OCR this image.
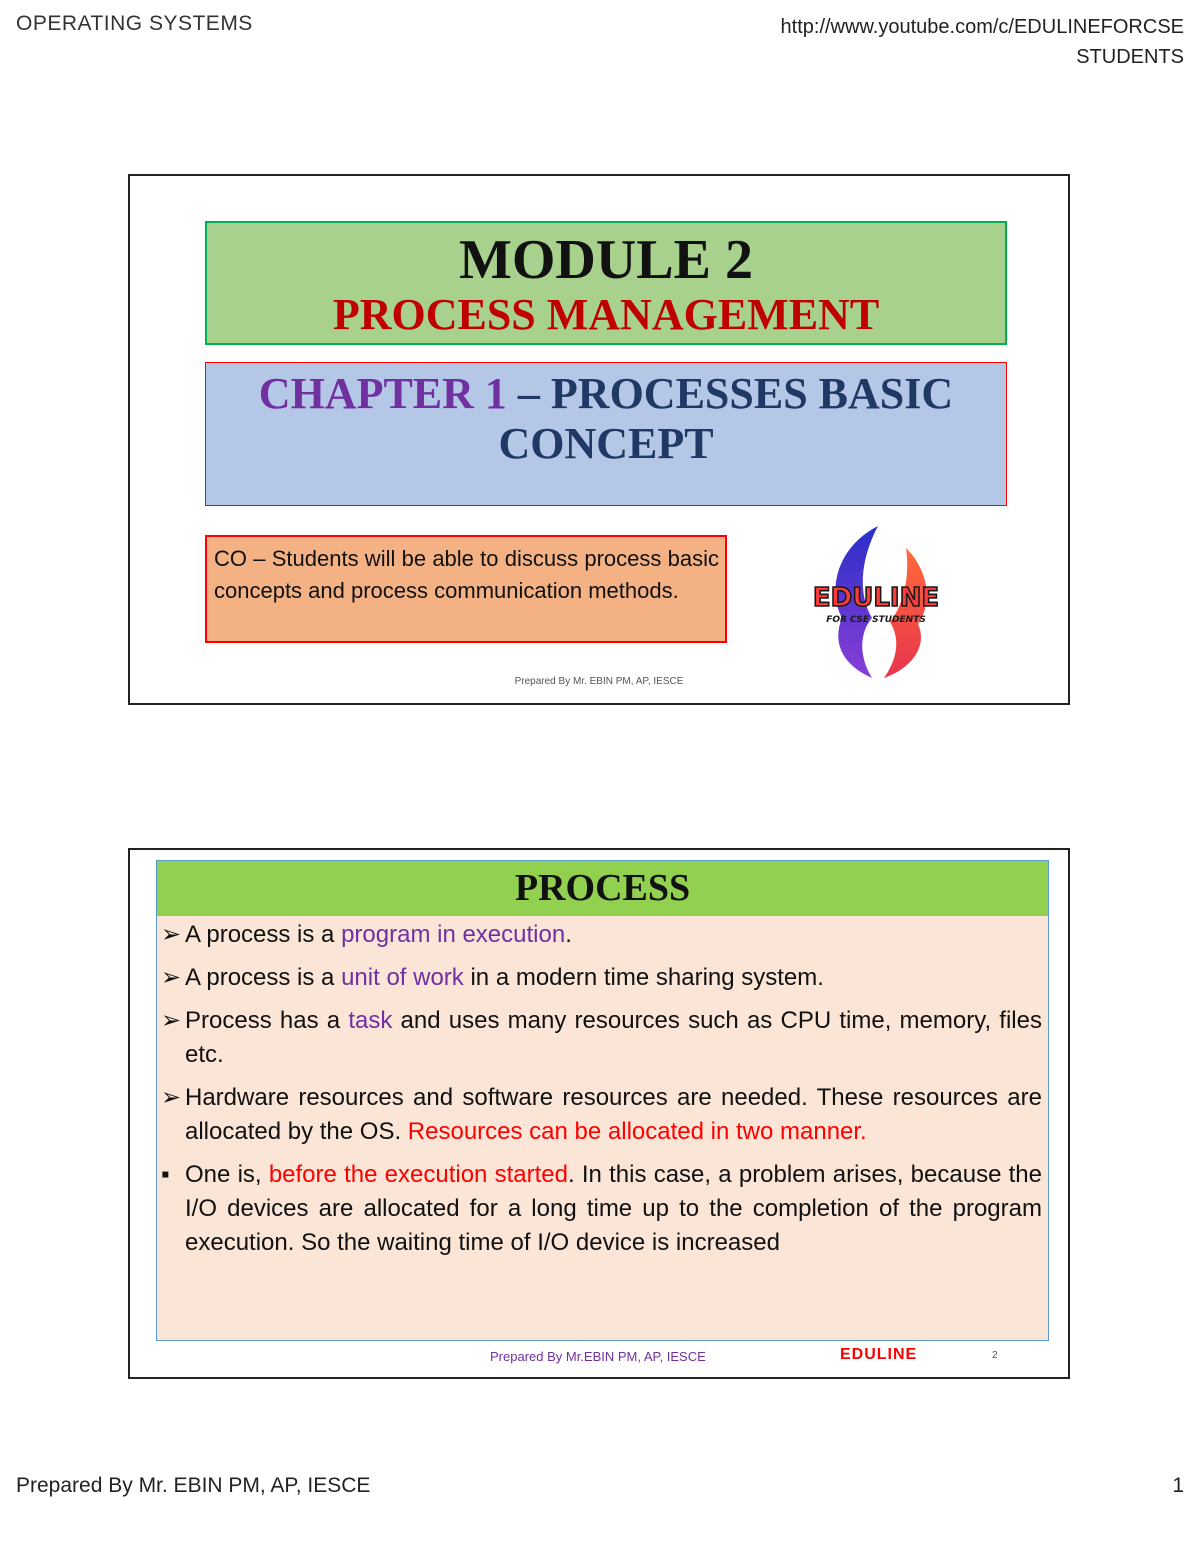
OPERATING SYSTEMS	http://www.youtube.com/c/EDULINEFORCSE
STUDENTS
MODULE 2
PROCESS MANAGEMENT
CHAPTER 1 – PROCESSES BASIC CONCEPT
CO – Students will be able to discuss process basic concepts and process communication methods.	EDULINE
FOR CSE STUDENTS
Prepared By Mr. EBIN PM, AP, IESCE
PROCESS
➢ A process is a program in execution.
➢ A process is a unit of work in a modern time sharing system.
➢ Process has a task and uses many resources such as CPU time, memory, files etc.
➢ Hardware resources and software resources are needed. These resources are allocated by the OS. Resources can be allocated in two manner.
▪ One is, before the execution started. In this case, a problem arises, because the I/O devices are allocated for a long time up to the completion of the program execution. So the waiting time of I/O device is increased
Prepared By Mr.EBIN PM, AP, IESCE	EDULINE	2
Prepared By Mr. EBIN PM, AP, IESCE	1
